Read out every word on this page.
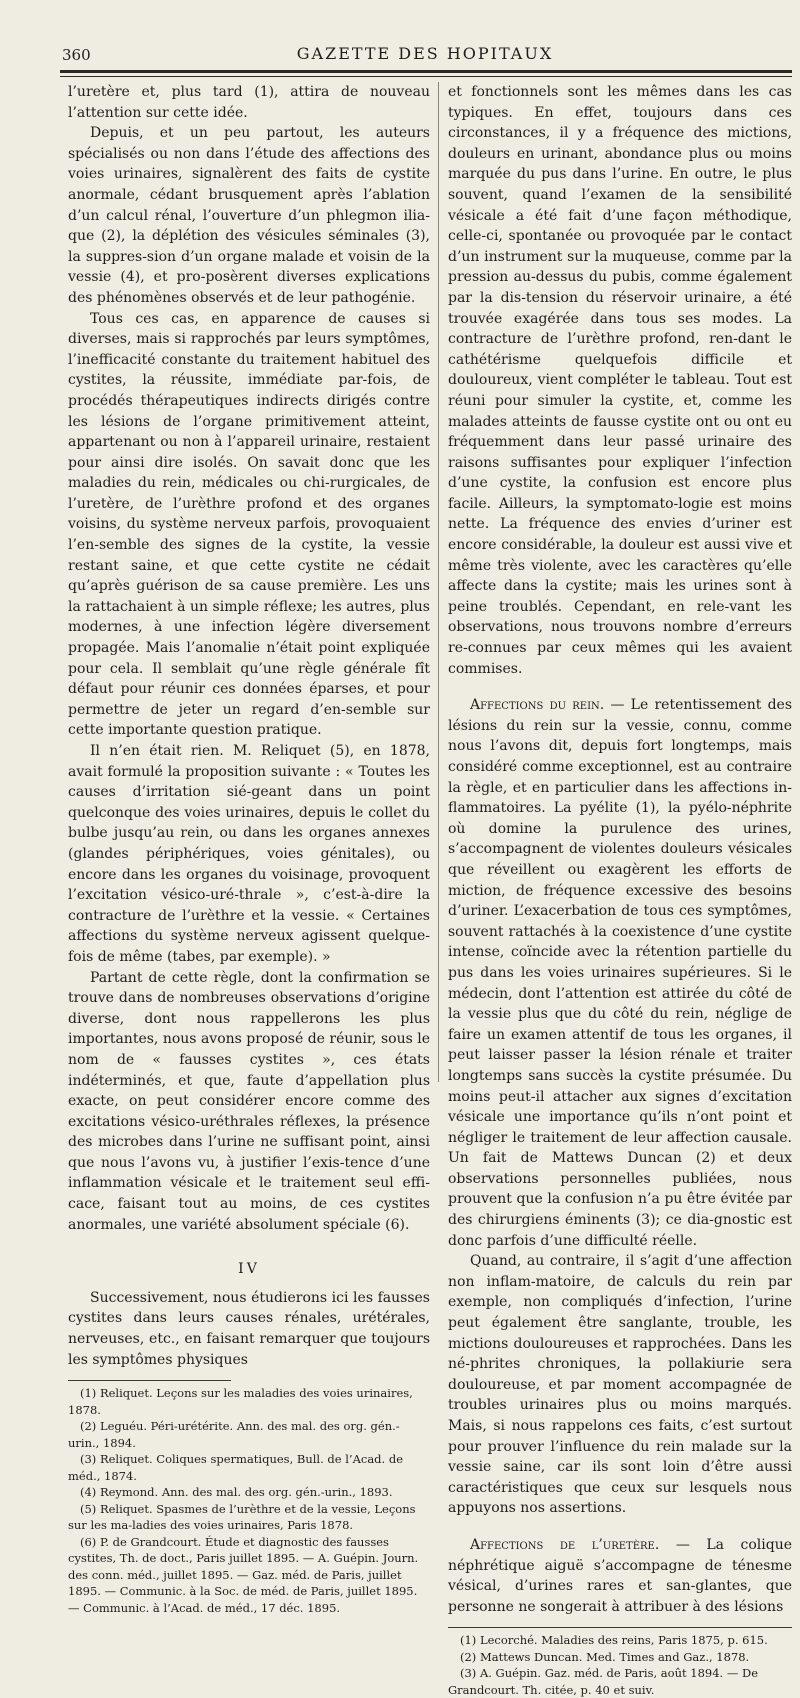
360	GAZETTE DES HOPITAUX

l’uretère et, plus tard (1), attira de nouveau l’attention sur cette idée.

Depuis, et un peu partout, les auteurs spécialisés ou non dans l’étude des affections des voies urinaires, signalèrent des faits de cystite anormale, cédant brusquement après l’ablation d’un calcul rénal, l’ouverture d’un phlegmon ilia-que (2), la déplétion des vésicules séminales (3), la suppres-sion d’un organe malade et voisin de la vessie (4), et pro-posèrent diverses explications des phénomènes observés et de leur pathogénie.

Tous ces cas, en apparence de causes si diverses, mais si rapprochés par leurs symptômes, l’inefficacité constante du traitement habituel des cystites, la réussite, immédiate par-fois, de procédés thérapeutiques indirects dirigés contre les lésions de l’organe primitivement atteint, appartenant ou non à l’appareil urinaire, restaient pour ainsi dire isolés. On savait donc que les maladies du rein, médicales ou chi-rurgicales, de l’uretère, de l’urèthre profond et des organes voisins, du système nerveux parfois, provoquaient l’en-semble des signes de la cystite, la vessie restant saine, et que cette cystite ne cédait qu’après guérison de sa cause première. Les uns la rattachaient à un simple réflexe; les autres, plus modernes, à une infection légère diversement propagée. Mais l’anomalie n’était point expliquée pour cela. Il semblait qu’une règle générale fît défaut pour réunir ces données éparses, et pour permettre de jeter un regard d’en-semble sur cette importante question pratique.

Il n’en était rien. M. Reliquet (5), en 1878, avait formulé la proposition suivante : « Toutes les causes d’irritation sié-geant dans un point quelconque des voies urinaires, depuis le collet du bulbe jusqu’au rein, ou dans les organes annexes (glandes périphériques, voies génitales), ou encore dans les organes du voisinage, provoquent l’excitation vésico-uré-thrale », c’est-à-dire la contracture de l’urèthre et la vessie. « Certaines affections du système nerveux agissent quelque-fois de même (tabes, par exemple). »

Partant de cette règle, dont la confirmation se trouve dans de nombreuses observations d’origine diverse, dont nous rappellerons les plus importantes, nous avons proposé de réunir, sous le nom de « fausses cystites », ces états indéterminés, et que, faute d’appellation plus exacte, on peut considérer encore comme des excitations vésico-uréthrales réflexes, la présence des microbes dans l’urine ne suffisant point, ainsi que nous l’avons vu, à justifier l’exis-tence d’une inflammation vésicale et le traitement seul effi-cace, faisant tout au moins, de ces cystites anormales, une variété absolument spéciale (6).

IV

Successivement, nous étudierons ici les fausses cystites dans leurs causes rénales, urétérales, nerveuses, etc., en faisant remarquer que toujours les symptômes physiques

(1) Reliquet. Leçons sur les maladies des voies urinaires, 1878.

(2) Leguéu. Péri-urétérite. Ann. des mal. des org. gén.-urin., 1894.

(3) Reliquet. Coliques spermatiques, Bull. de l’Acad. de méd., 1874.

(4) Reymond. Ann. des mal. des org. gén.-urin., 1893.

(5) Reliquet. Spasmes de l’urèthre et de la vessie, Leçons sur les ma-ladies des voies urinaires, Paris 1878.

(6) P. de Grandcourt. Étude et diagnostic des fausses cystites, Th. de doct., Paris juillet 1895. — A. Guépin. Journ. des conn. méd., juillet 1895. — Gaz. méd. de Paris, juillet 1895. — Communic. à la Soc. de méd. de Paris, juillet 1895. — Communic. à l’Acad. de méd., 17 déc. 1895.

et fonctionnels sont les mêmes dans les cas typiques. En effet, toujours dans ces circonstances, il y a fréquence des mictions, douleurs en urinant, abondance plus ou moins marquée du pus dans l’urine. En outre, le plus souvent, quand l’examen de la sensibilité vésicale a été fait d’une façon méthodique, celle-ci, spontanée ou provoquée par le contact d’un instrument sur la muqueuse, comme par la pression au-dessus du pubis, comme également par la dis-tension du réservoir urinaire, a été trouvée exagérée dans tous ses modes. La contracture de l’urèthre profond, ren-dant le cathétérisme quelquefois difficile et douloureux, vient compléter le tableau. Tout est réuni pour simuler la cystite, et, comme les malades atteints de fausse cystite ont ou ont eu fréquemment dans leur passé urinaire des raisons suffisantes pour expliquer l’infection d’une cystite, la confusion est encore plus facile. Ailleurs, la symptomato-logie est moins nette. La fréquence des envies d’uriner est encore considérable, la douleur est aussi vive et même très violente, avec les caractères qu’elle affecte dans la cystite; mais les urines sont à peine troublés. Cependant, en rele-vant les observations, nous trouvons nombre d’erreurs re-connues par ceux mêmes qui les avaient commises.

Affections du rein. — Le retentissement des lésions du rein sur la vessie, connu, comme nous l’avons dit, depuis fort longtemps, mais considéré comme exceptionnel, est au contraire la règle, et en particulier dans les affections in-flammatoires. La pyélite (1), la pyélo-néphrite où domine la purulence des urines, s’accompagnent de violentes douleurs vésicales que réveillent ou exagèrent les efforts de miction, de fréquence excessive des besoins d’uriner. L’exacerbation de tous ces symptômes, souvent rattachés à la coexistence d’une cystite intense, coïncide avec la rétention partielle du pus dans les voies urinaires supérieures. Si le médecin, dont l’attention est attirée du côté de la vessie plus que du côté du rein, néglige de faire un examen attentif de tous les organes, il peut laisser passer la lésion rénale et traiter longtemps sans succès la cystite présumée. Du moins peut-il attacher aux signes d’excitation vésicale une importance qu’ils n’ont point et négliger le traitement de leur affection causale. Un fait de Mattews Duncan (2) et deux observations personnelles publiées, nous prouvent que la confusion n’a pu être évitée par des chirurgiens éminents (3); ce dia-gnostic est donc parfois d’une difficulté réelle.

Quand, au contraire, il s’agit d’une affection non inflam-matoire, de calculs du rein par exemple, non compliqués d’infection, l’urine peut également être sanglante, trouble, les mictions douloureuses et rapprochées. Dans les né-phrites chroniques, la pollakiurie sera douloureuse, et par moment accompagnée de troubles urinaires plus ou moins marqués. Mais, si nous rappelons ces faits, c’est surtout pour prouver l’influence du rein malade sur la vessie saine, car ils sont loin d’être aussi caractéristiques que ceux sur lesquels nous appuyons nos assertions.

Affections de l’uretère. — La colique néphrétique aiguë s’accompagne de ténesme vésical, d’urines rares et san-glantes, que personne ne songerait à attribuer à des lésions

(1) Lecorché. Maladies des reins, Paris 1875, p. 615.

(2) Mattews Duncan. Med. Times and Gaz., 1878.

(3) A. Guépin. Gaz. méd. de Paris, août 1894. — De Grandcourt. Th. citée, p. 40 et suiv.
